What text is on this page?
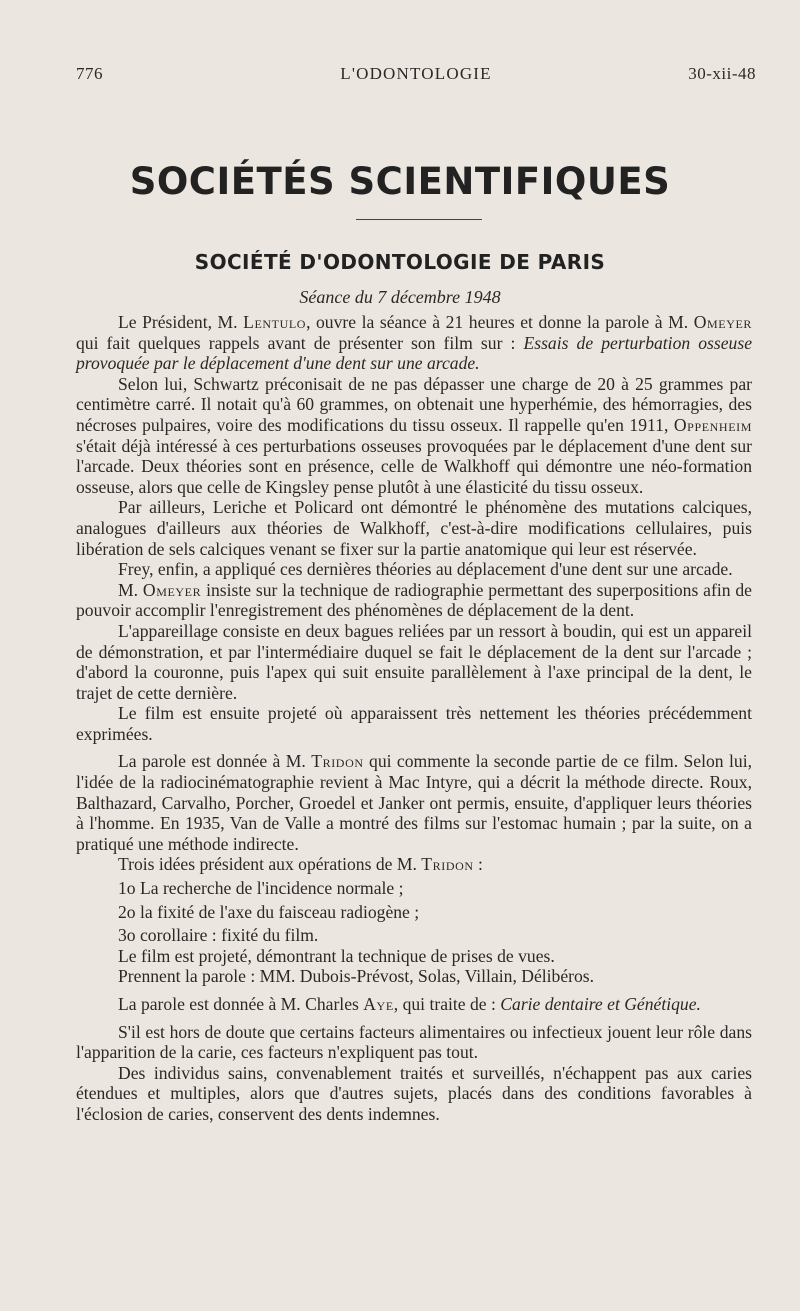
776	L'ODONTOLOGIE	30-xii-48
SOCIÉTÉS SCIENTIFIQUES
SOCIÉTÉ D'ODONTOLOGIE DE PARIS
Séance du 7 décembre 1948

Le Président, M. Lentulo, ouvre la séance à 21 heures et donne la parole à M. Omeyer qui fait quelques rappels avant de présenter son film sur : Essais de perturbation osseuse provoquée par le déplacement d'une dent sur une arcade.

Selon lui, Schwartz préconisait de ne pas dépasser une charge de 20 à 25 grammes par centimètre carré. Il notait qu'à 60 grammes, on obtenait une hyperhémie, des hémorragies, des nécroses pulpaires, voire des modifications du tissu osseux. Il rappelle qu'en 1911, Oppenheim s'était déjà intéressé à ces perturbations osseuses provoquées par le déplacement d'une dent sur l'arcade. Deux théories sont en présence, celle de Walkhoff qui démontre une néo-formation osseuse, alors que celle de Kingsley pense plutôt à une élasticité du tissu osseux.

Par ailleurs, Leriche et Policard ont démontré le phénomène des mutations calciques, analogues d'ailleurs aux théories de Walkhoff, c'est-à-dire modifications cellulaires, puis libération de sels calciques venant se fixer sur la partie anatomique qui leur est réservée.

Frey, enfin, a appliqué ces dernières théories au déplacement d'une dent sur une arcade.

M. Omeyer insiste sur la technique de radiographie permettant des superpositions afin de pouvoir accomplir l'enregistrement des phénomènes de déplacement de la dent.

L'appareillage consiste en deux bagues reliées par un ressort à boudin, qui est un appareil de démonstration, et par l'intermédiaire duquel se fait le déplacement de la dent sur l'arcade ; d'abord la couronne, puis l'apex qui suit ensuite parallèlement à l'axe principal de la dent, le trajet de cette dernière.

Le film est ensuite projeté où apparaissent très nettement les théories précédemment exprimées.

La parole est donnée à M. Tridon qui commente la seconde partie de ce film. Selon lui, l'idée de la radiocinématographie revient à Mac Intyre, qui a décrit la méthode directe. Roux, Balthazard, Carvalho, Porcher, Groedel et Janker ont permis, ensuite, d'appliquer leurs théories à l'homme. En 1935, Van de Valle a montré des films sur l'estomac humain ; par la suite, on a pratiqué une méthode indirecte.

Trois idées président aux opérations de M. Tridon :

1o La recherche de l'incidence normale ;

2o la fixité de l'axe du faisceau radiogène ;

3o corollaire : fixité du film.

Le film est projeté, démontrant la technique de prises de vues.

Prennent la parole : MM. Dubois-Prévost, Solas, Villain, Délibéros.

La parole est donnée à M. Charles Aye, qui traite de : Carie dentaire et Génétique.

S'il est hors de doute que certains facteurs alimentaires ou infectieux jouent leur rôle dans l'apparition de la carie, ces facteurs n'expliquent pas tout.

Des individus sains, convenablement traités et surveillés, n'échappent pas aux caries étendues et multiples, alors que d'autres sujets, placés dans des conditions favorables à l'éclosion de caries, conservent des dents indemnes.
